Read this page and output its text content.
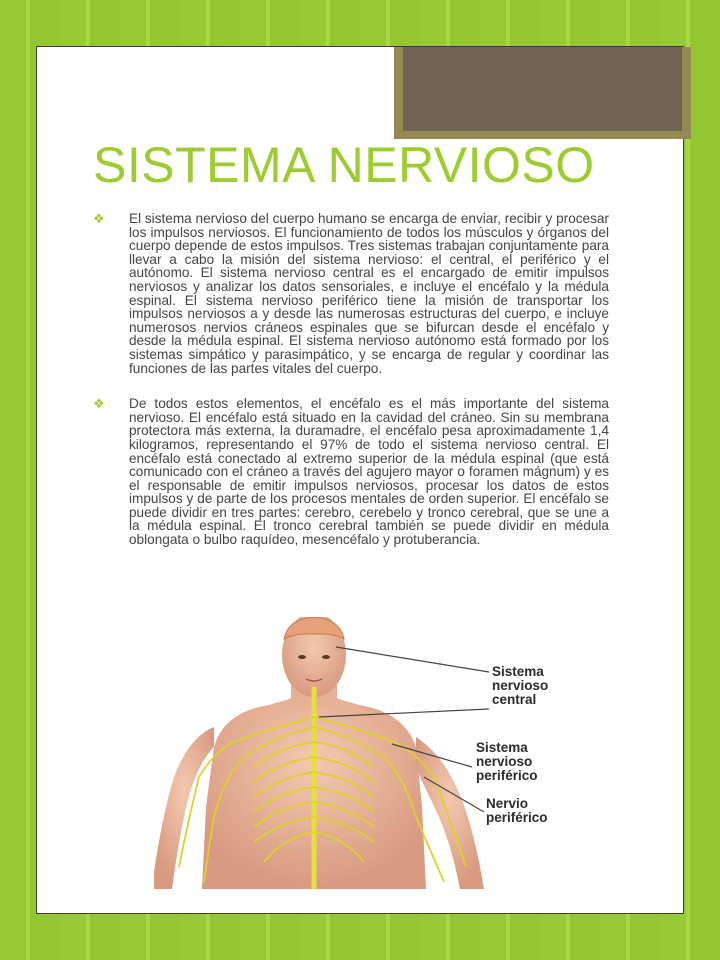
SISTEMA NERVIOSO

❖ El sistema nervioso del cuerpo humano se encarga de enviar, recibir y procesar los impulsos nerviosos. El funcionamiento de todos los músculos y órganos del cuerpo depende de estos impulsos. Tres sistemas trabajan conjuntamente para llevar a cabo la misión del sistema nervioso: el central, el periférico y el autónomo. El sistema nervioso central es el encargado de emitir impulsos nerviosos y analizar los datos sensoriales, e incluye el encéfalo y la médula espinal. El sistema nervioso periférico tiene la misión de transportar los impulsos nerviosos a y desde las numerosas estructuras del cuerpo, e incluye numerosos nervios cráneos espinales que se bifurcan desde el encéfalo y desde la médula espinal. El sistema nervioso autónomo está formado por los sistemas simpático y parasimpático, y se encarga de regular y coordinar las funciones de las partes vitales del cuerpo.

❖ De todos estos elementos, el encéfalo es el más importante del sistema nervioso. El encéfalo está situado en la cavidad del cráneo. Sin su membrana protectora más externa, la duramadre, el encéfalo pesa aproximadamente 1,4 kilogramos, representando el 97% de todo el sistema nervioso central. El encéfalo está conectado al extremo superior de la médula espinal (que está comunicado con el cráneo a través del agujero mayor o foramen mágnum) y es el responsable de emitir impulsos nerviosos, procesar los datos de estos impulsos y de parte de los procesos mentales de orden superior. El encéfalo se puede dividir en tres partes: cerebro, cerebelo y tronco cerebral, que se une a la médula espinal. El tronco cerebral también se puede dividir en médula oblongata o bulbo raquídeo, mesencéfalo y protuberancia.

Sistema
nervioso
central
Sistema
nervioso
periférico
Nervio
periférico
